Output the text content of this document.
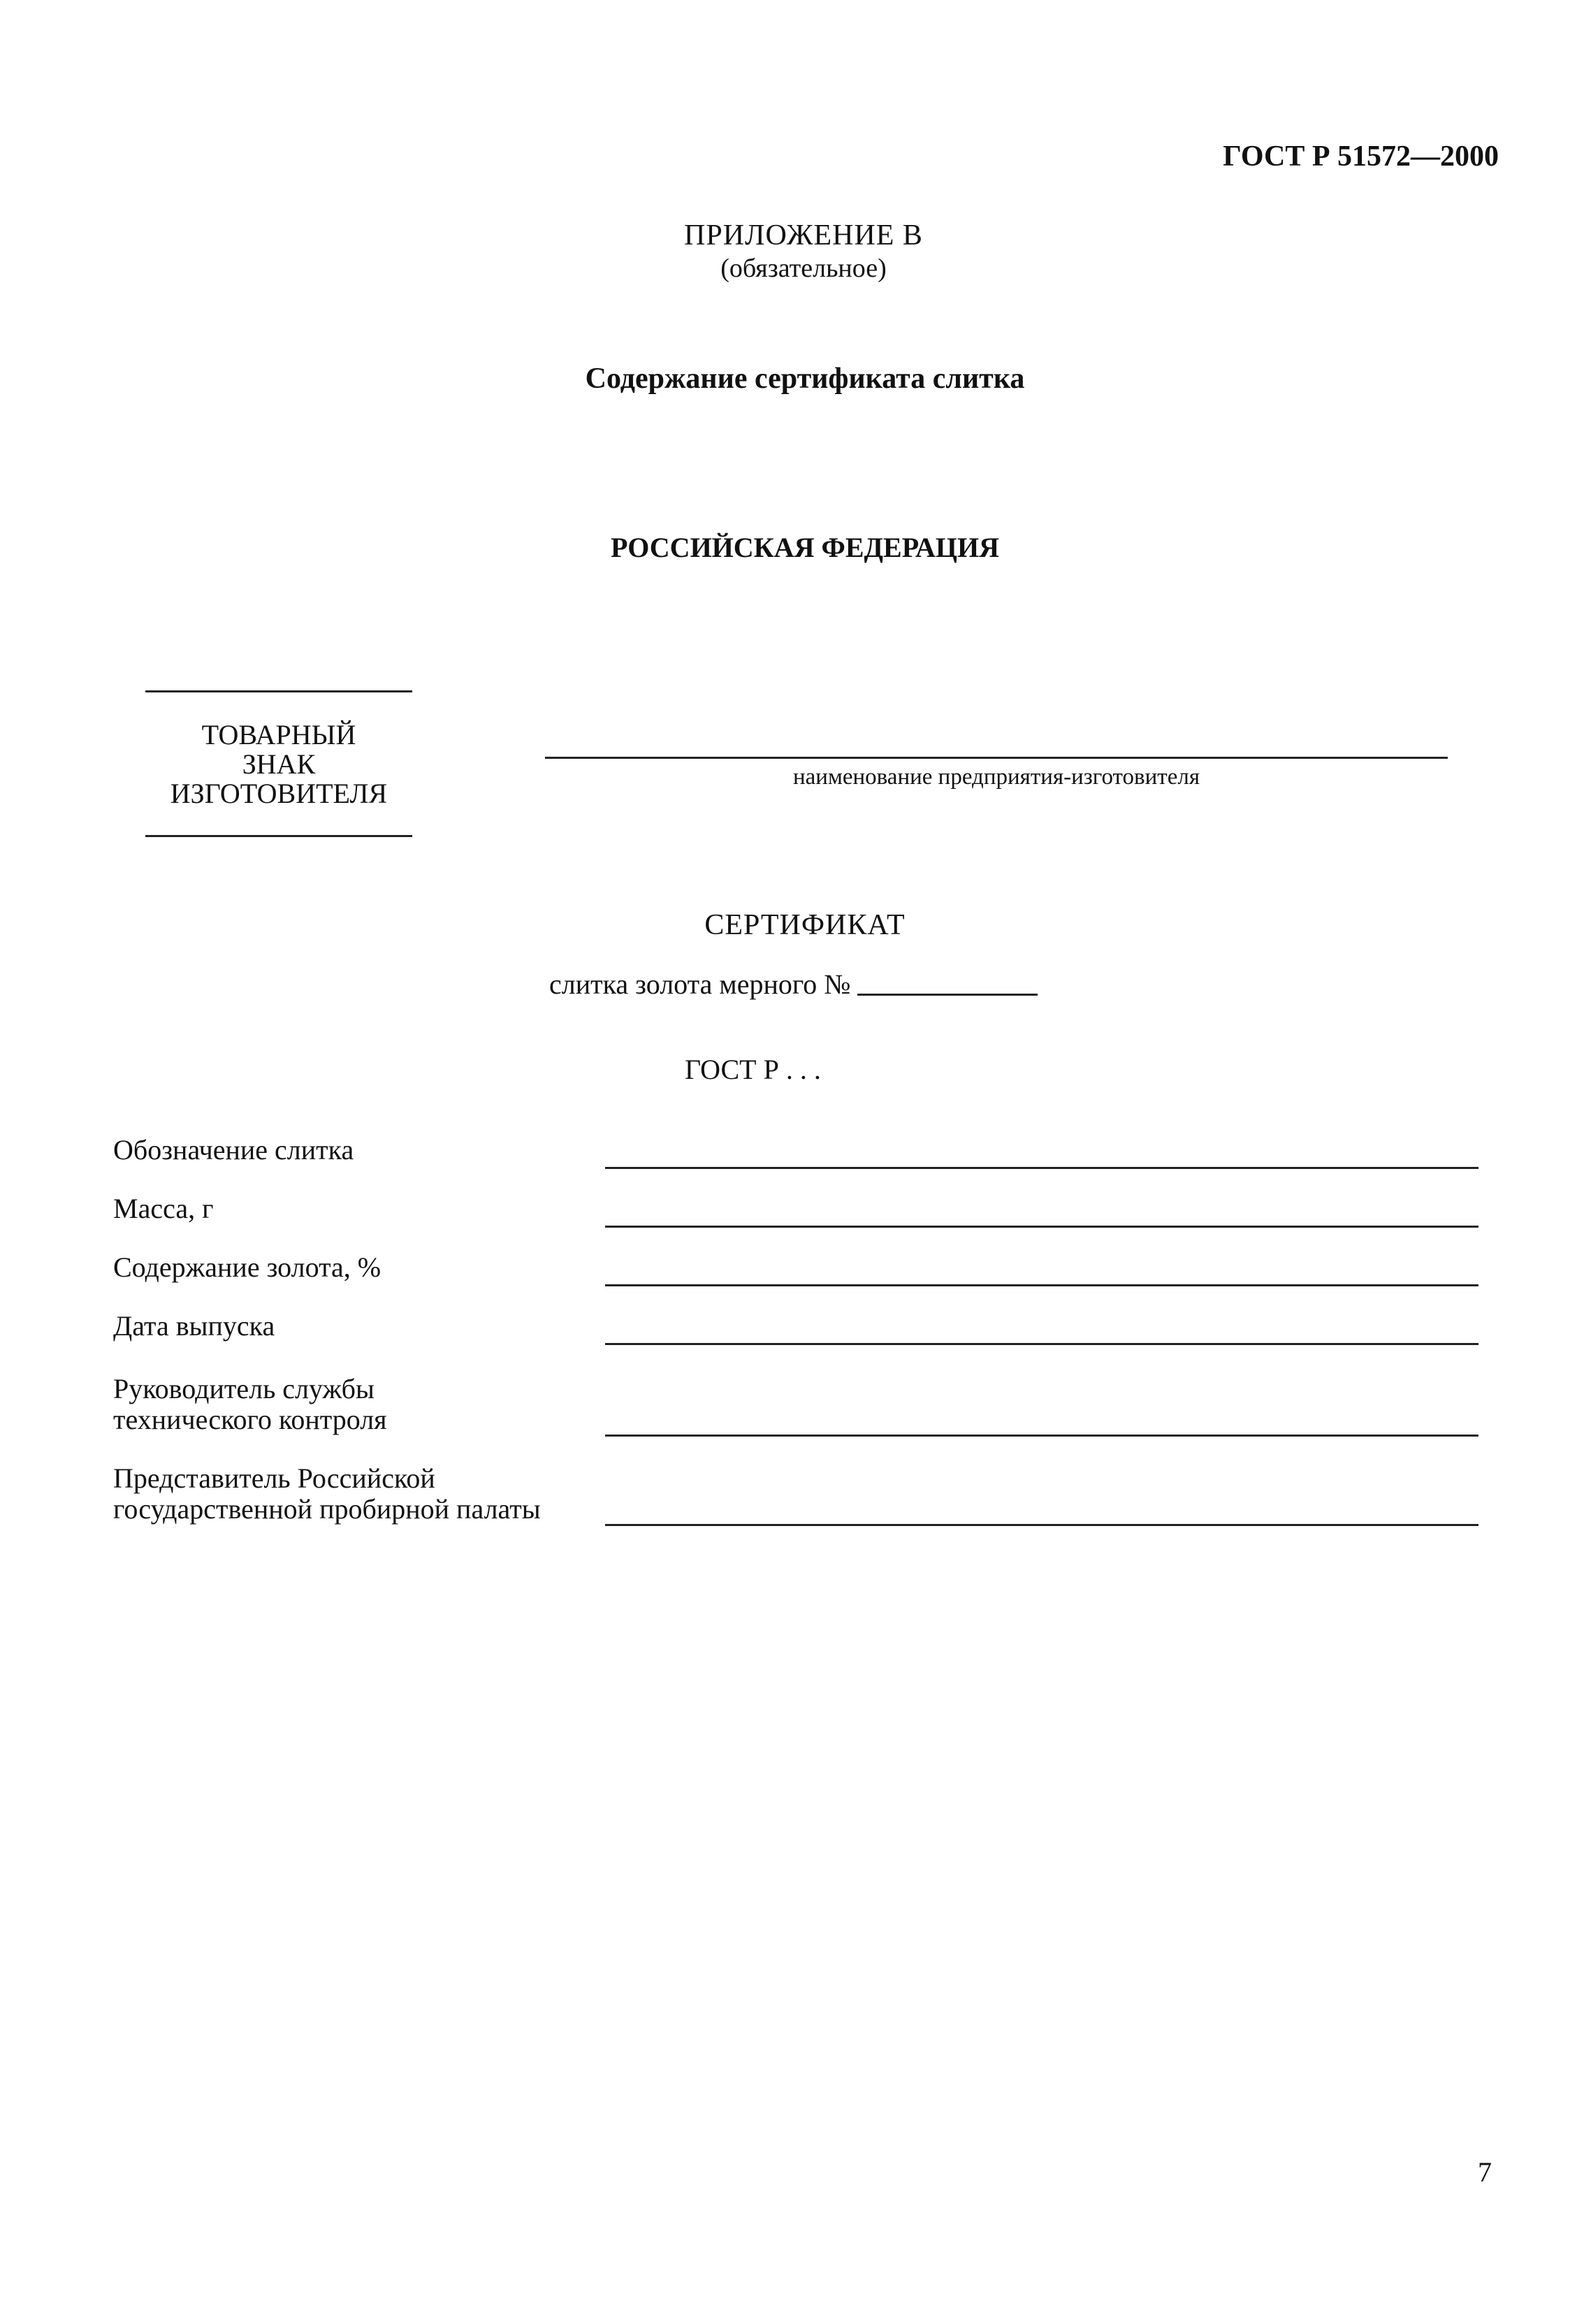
ГОСТ Р 51572—2000
ПРИЛОЖЕНИЕ В
(обязательное)
Содержание сертификата слитка
РОССИЙСКАЯ ФЕДЕРАЦИЯ
ТОВАРНЫЙ
ЗНАК
ИЗГОТОВИТЕЛЯ
наименование предприятия-изготовителя
СЕРТИФИКАТ
слитка золота мерного №
ГОСТ Р . . .
Обозначение слитка
Масса, г
Содержание золота, %
Дата выпуска
Руководитель службы
технического контроля
Представитель Российской
государственной пробирной палаты
7
